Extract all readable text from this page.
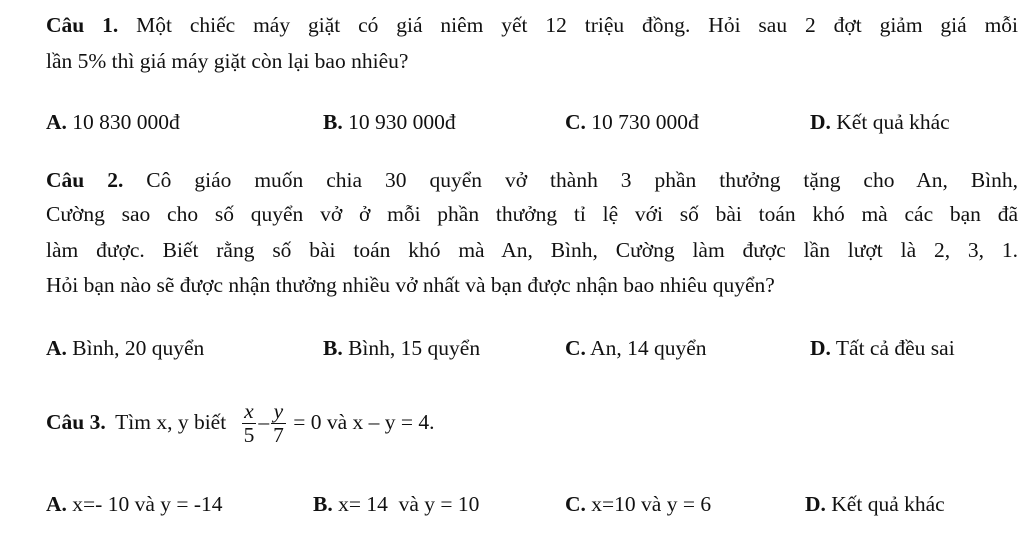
Câu 1. Một chiếc máy giặt có giá niêm yết 12 triệu đồng. Hỏi sau 2 đợt giảm giá mỗi
lần 5% thì giá máy giặt còn lại bao nhiêu?
A. 10 830 000đ	B. 10 930 000đ	C. 10 730 000đ	D. Kết quả khác
Câu 2. Cô giáo muốn chia 30 quyển vở thành 3 phần thưởng tặng cho An, Bình,
Cường sao cho số quyển vở ở mỗi phần thưởng tỉ lệ với số bài toán khó mà các bạn đã
làm được. Biết rằng số bài toán khó mà An, Bình, Cường làm được lần lượt là 2, 3, 1.
Hỏi bạn nào sẽ được nhận thưởng nhiều vở nhất và bạn được nhận bao nhiêu quyển?
A. Bình, 20 quyển	B. Bình, 15 quyển	C. An, 14 quyển	D. Tất cả đều sai
Câu 3. Tìm x, y biết $\frac{x}{5} - \frac{y}{7} = 0$ và x – y = 4.
A. x=- 10 và y = -14	B. x= 14  và y = 10	C. x=10 và y = 6	D. Kết quả khác
